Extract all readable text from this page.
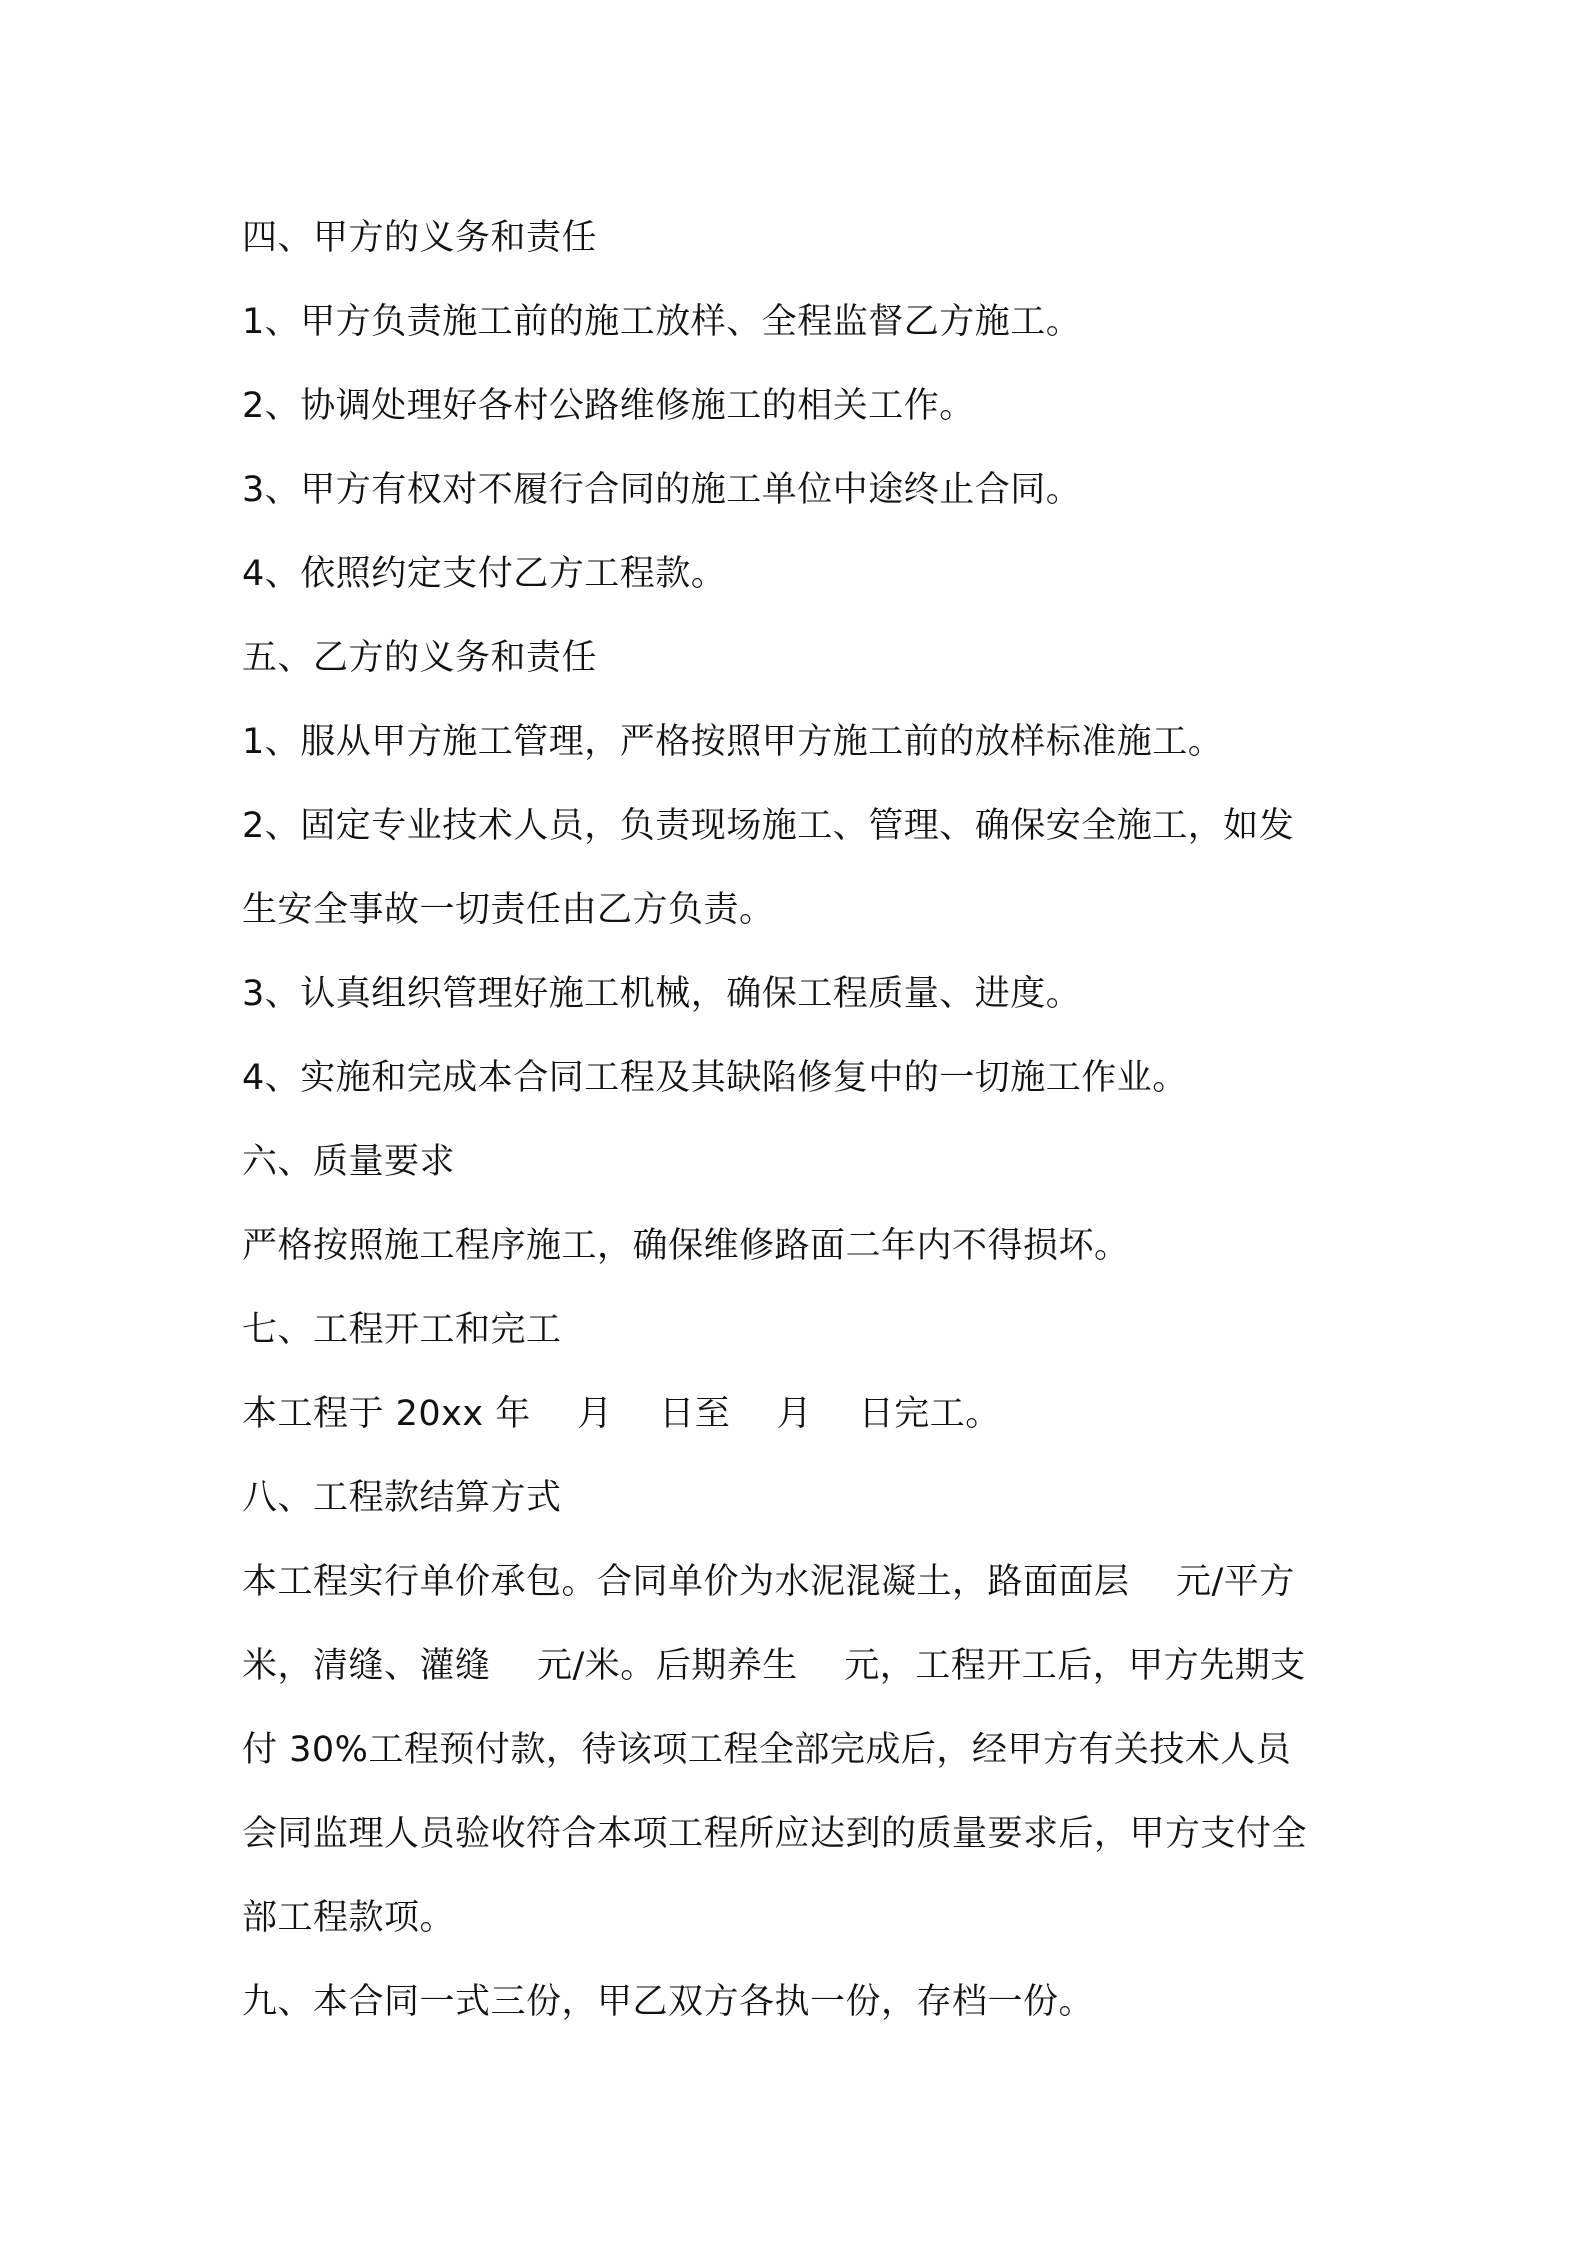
四、甲方的义务和责任
1、甲方负责施工前的施工放样、全程监督乙方施工。
2、协调处理好各村公路维修施工的相关工作。
3、甲方有权对不履行合同的施工单位中途终止合同。
4、依照约定支付乙方工程款。
五、乙方的义务和责任
1、服从甲方施工管理，严格按照甲方施工前的放样标准施工。
2、固定专业技术人员，负责现场施工、管理、确保安全施工，如发
生安全事故一切责任由乙方负责。
3、认真组织管理好施工机械，确保工程质量、进度。
4、实施和完成本合同工程及其缺陷修复中的一切施工作业。
六、质量要求
严格按照施工程序施工，确保维修路面二年内不得损坏。
七、工程开工和完工
本工程于 20xx 年    月    日至    月    日完工。
八、工程款结算方式
本工程实行单价承包。合同单价为水泥混凝土，路面面层    元/平方
米，清缝、灌缝    元/米。后期养生    元，工程开工后，甲方先期支
付 30%工程预付款，待该项工程全部完成后，经甲方有关技术人员
会同监理人员验收符合本项工程所应达到的质量要求后，甲方支付全
部工程款项。
九、本合同一式三份，甲乙双方各执一份，存档一份。
